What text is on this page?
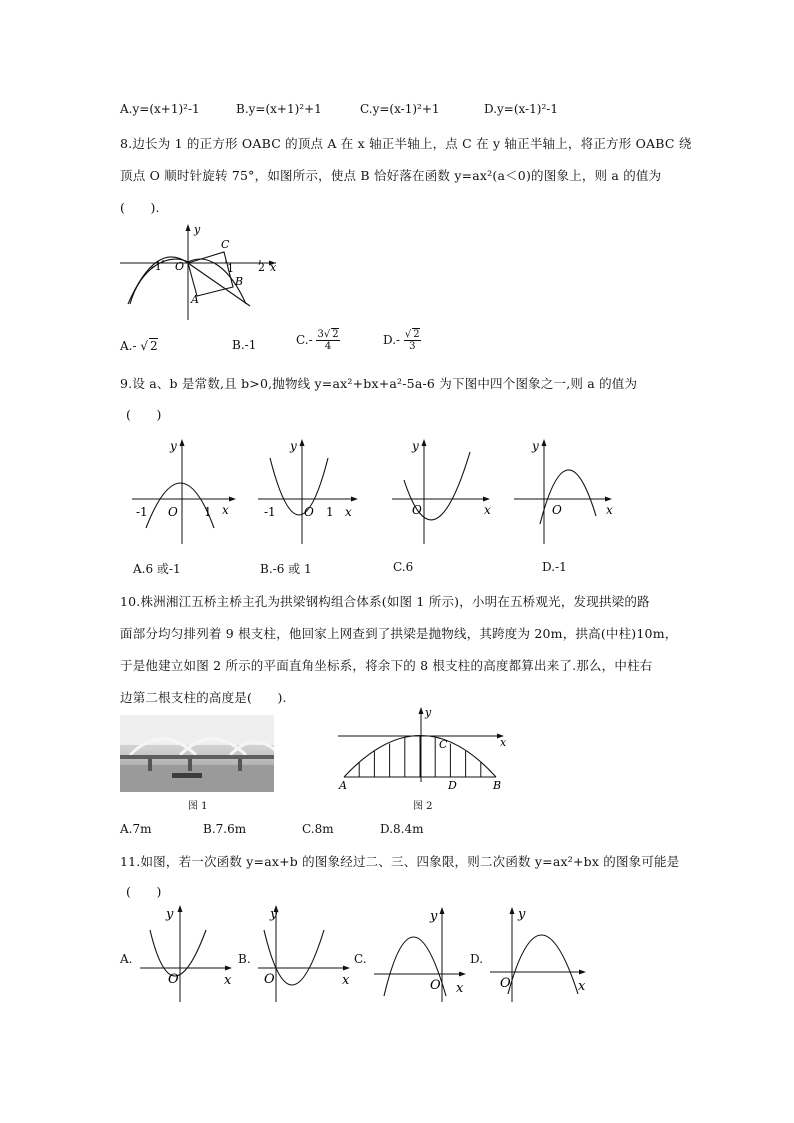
A.y=(x+1)²-1	B.y=(x+1)²+1	C.y=(x-1)²+1	D.y=(x-1)²-1
8.边长为 1 的正方形 OABC 的顶点 A 在 x 轴正半轴上，点 C 在 y 轴正半轴上，将正方形 OABC 绕
顶点 O 顺时针旋转 75°，如图所示，使点 B 恰好落在函数 y=ax²(a＜0)的图象上，则 a 的值为
(　　).
y
x
O
-1	1 2
C
B
A
A.- √ 2	B.-1	$C.- \frac{3√ 2}{4}$	$D.- \frac{√ 2}{3}$
9.设 a、b 是常数,且 b>0,抛物线 y=ax²+bx+a²-5a-6 为下图中四个图象之一,则 a 的值为
(　　)
y
x
O
-1	1
y
x
O
-1	1
y
x
O
y
x
O
A.6 或-1	B.-6 或 1	C.6	D.-1
10.株洲湘江五桥主桥主孔为拱梁钢构组合体系(如图 1 所示)，小明在五桥观光，发现拱梁的路
面部分均匀排列着 9 根支柱，他回家上网查到了拱梁是抛物线，其跨度为 20m，拱高(中柱)10m，
于是他建立如图 2 所示的平面直角坐标系，将余下的 8 根支柱的高度都算出来了.那么，中柱右
边第二根支柱的高度是(　　).
图 1
y
x
C
D
A	B
图 2
A.7m	B.7.6m	C.8m	D.8.4m
11.如图，若一次函数 y=ax+b 的图象经过二、三、四象限，则二次函数 y=ax²+bx 的图象可能是
(　　)
A.
y
x
O
B.
y
x
O
C.
y
x
O
D.
y
x
O
